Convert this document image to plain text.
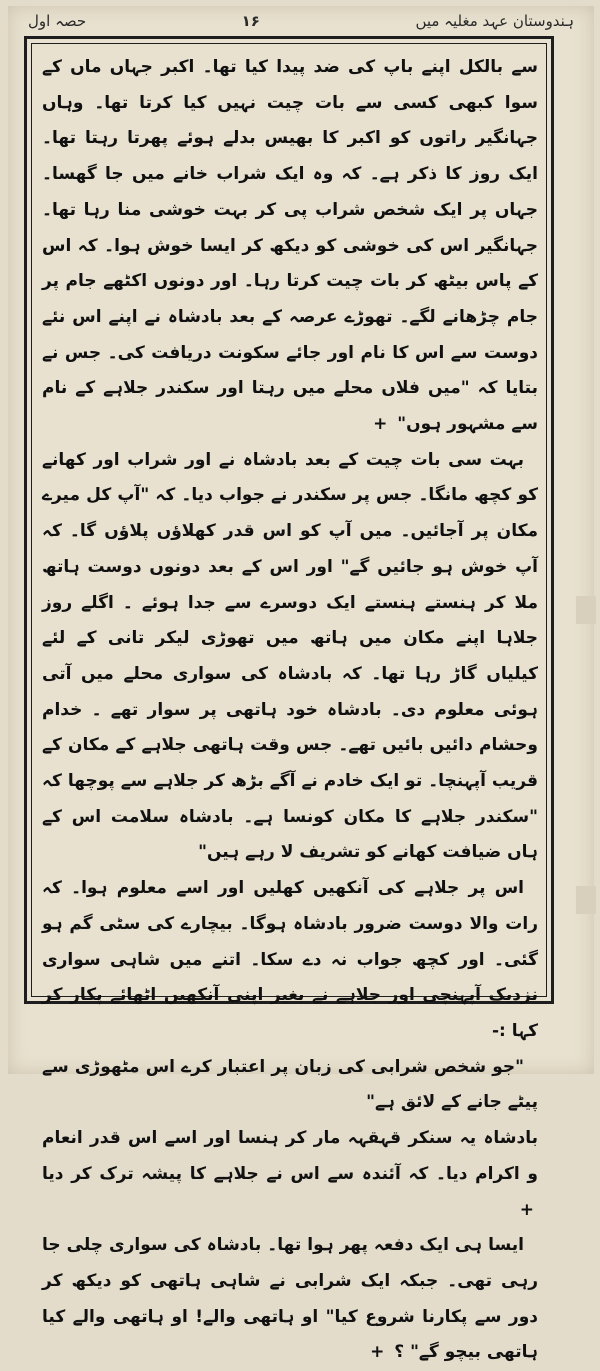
ہندوستان عہد مغلیہ میں
۱۶
حصہ اول

سے بالکل اپنے باپ کی ضد پیدا کیا تھا۔ اکبر جہاں ماں کے سوا کبھی کسی سے بات چیت نہیں کیا کرتا تھا۔ وہاں جہانگیر راتوں کو اکبر کا بھیس بدلے ہوئے پھرتا رہتا تھا۔ ایک روز کا ذکر ہے۔ کہ وہ ایک شراب خانے میں جا گھسا۔ جہاں پر ایک شخص شراب پی کر بہت خوشی منا رہا تھا۔ جہانگیر اس کی خوشی کو دیکھ کر ایسا خوش ہوا۔ کہ اس کے پاس بیٹھ کر بات چیت کرتا رہا۔ اور دونوں اکٹھے جام پر جام چڑھانے لگے۔ تھوڑے عرصہ کے بعد بادشاہ نے اپنے اس نئے دوست سے اس کا نام اور جائے سکونت دریافت کی۔ جس نے بتایا کہ "میں فلاں محلے میں رہتا اور سکندر جلاہے کے نام سے مشہور ہوں" +

بہت سی بات چیت کے بعد بادشاہ نے اور شراب اور کھانے کو کچھ مانگا۔ جس پر سکندر نے جواب دیا۔ کہ "آپ کل میرے مکان پر آجائیں۔ میں آپ کو اس قدر کھلاؤں پلاؤں گا۔ کہ آپ خوش ہو جائیں گے" اور اس کے بعد دونوں دوست ہاتھ ملا کر ہنستے ہنستے ایک دوسرے سے جدا ہوئے ۔ اگلے روز جلاہا اپنے مکان میں ہاتھ میں تھوڑی لیکر تانی کے لئے کیلیاں گاڑ رہا تھا۔ کہ بادشاہ کی سواری محلے میں آتی ہوئی معلوم دی۔ بادشاہ خود ہاتھی پر سوار تھے ۔ خدام وحشام دائیں بائیں تھے۔ جس وقت ہاتھی جلاہے کے مکان کے قریب آپہنچا۔ تو ایک خادم نے آگے بڑھ کر جلاہے سے پوچھا کہ "سکندر جلاہے کا مکان کونسا ہے۔ بادشاہ سلامت اس کے ہاں ضیافت کھانے کو تشریف لا رہے ہیں"

اس پر جلاہے کی آنکھیں کھلیں اور اسے معلوم ہوا۔ کہ رات والا دوست ضرور بادشاہ ہوگا۔ بیچارے کی سٹی گم ہو گئی۔ اور کچھ جواب نہ دے سکا۔ اتنے میں شاہی سواری نزدیک آپہنچی اور جلاہے نے بغیر اپنی آنکھیں اٹھائے پکار کر کہا :-

"جو شخص شرابی کی زبان پر اعتبار کرے اس مٹھوڑی سے پیٹے جانے کے لائق ہے"

بادشاہ یہ سنکر قہقہہ مار کر ہنسا اور اسے اس قدر انعام و اکرام دیا۔ کہ آئندہ سے اس نے جلاہے کا پیشہ ترک کر دیا +

ایسا ہی ایک دفعہ پھر ہوا تھا۔ بادشاہ کی سواری چلی جا رہی تھی۔ جبکہ ایک شرابی نے شاہی ہاتھی کو دیکھ کر دور سے پکارنا شروع کیا" او ہاتھی والے! او ہاتھی والے کیا ہاتھی بیچو گے" ؟ +
